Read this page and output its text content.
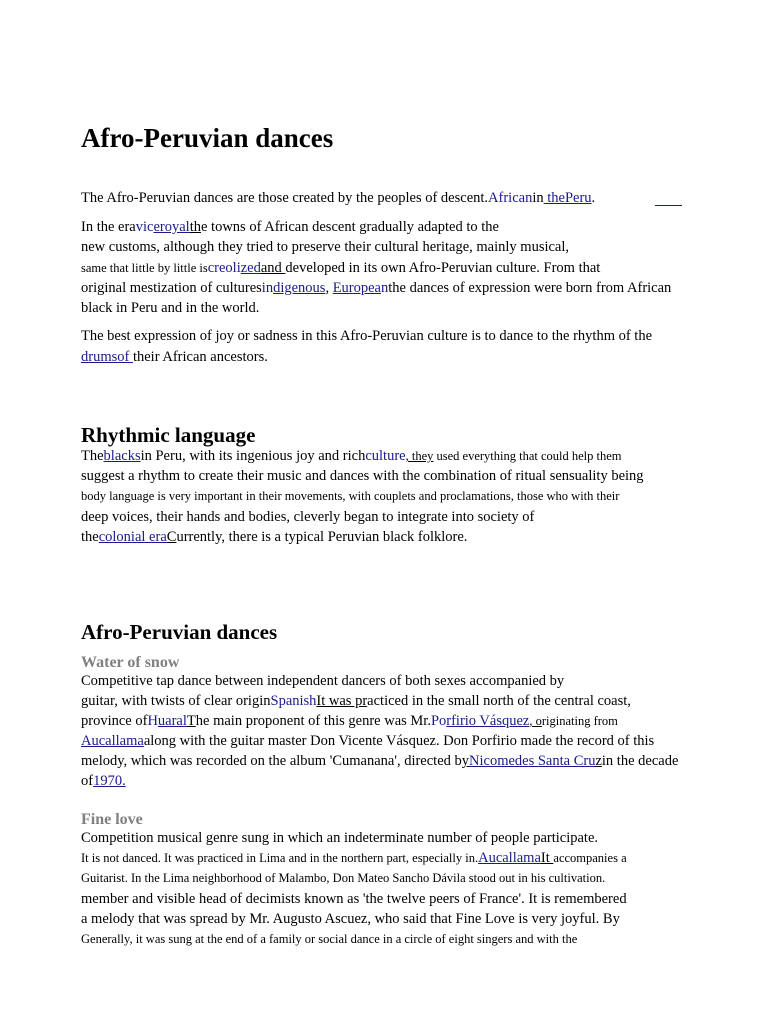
Afro-Peruvian dances
The Afro-Peruvian dances are those created by the peoples of descent.Africanin thePeru.
In the eraviceroyalthe towns of African descent gradually adapted to the
new customs, although they tried to preserve their cultural heritage, mainly musical,
same that little by little iscreolizedand developed in its own Afro-Peruvian culture. From that
original mestization of culturesindigenous, Europeanthe dances of expression were born from African
black in Peru and in the world.
The best expression of joy or sadness in this Afro-Peruvian culture is to dance to the rhythm of the
drumsof their African ancestors.
Rhythmic language
Theblacksin Peru, with its ingenious joy and richculture, they used everything that could help them
suggest a rhythm to create their music and dances with the combination of ritual sensuality being
body language is very important in their movements, with couplets and proclamations, those who with their
deep voices, their hands and bodies, cleverly began to integrate into society of
thecolonial eraCurrently, there is a typical Peruvian black folklore.
Afro-Peruvian dances
Water of snow
Competitive tap dance between independent dancers of both sexes accompanied by
guitar, with twists of clear originSpanishIt was practiced in the small north of the central coast,
province ofHuaralThe main proponent of this genre was Mr.Porfirio Vásquez, originating from
Aucallamaalong with the guitar master Don Vicente Vásquez. Don Porfirio made the record of this
melody, which was recorded on the album 'Cumanana', directed byNicomedes Santa Cruzin the decade
of1970.
Fine love
Competition musical genre sung in which an indeterminate number of people participate.
It is not danced. It was practiced in Lima and in the northern part, especially in.AucallamaIt accompanies a
Guitarist. In the Lima neighborhood of Malambo, Don Mateo Sancho Dávila stood out in his cultivation.
member and visible head of decimists known as 'the twelve peers of France'. It is remembered
a melody that was spread by Mr. Augusto Ascuez, who said that Fine Love is very joyful. By
Generally, it was sung at the end of a family or social dance in a circle of eight singers and with the
